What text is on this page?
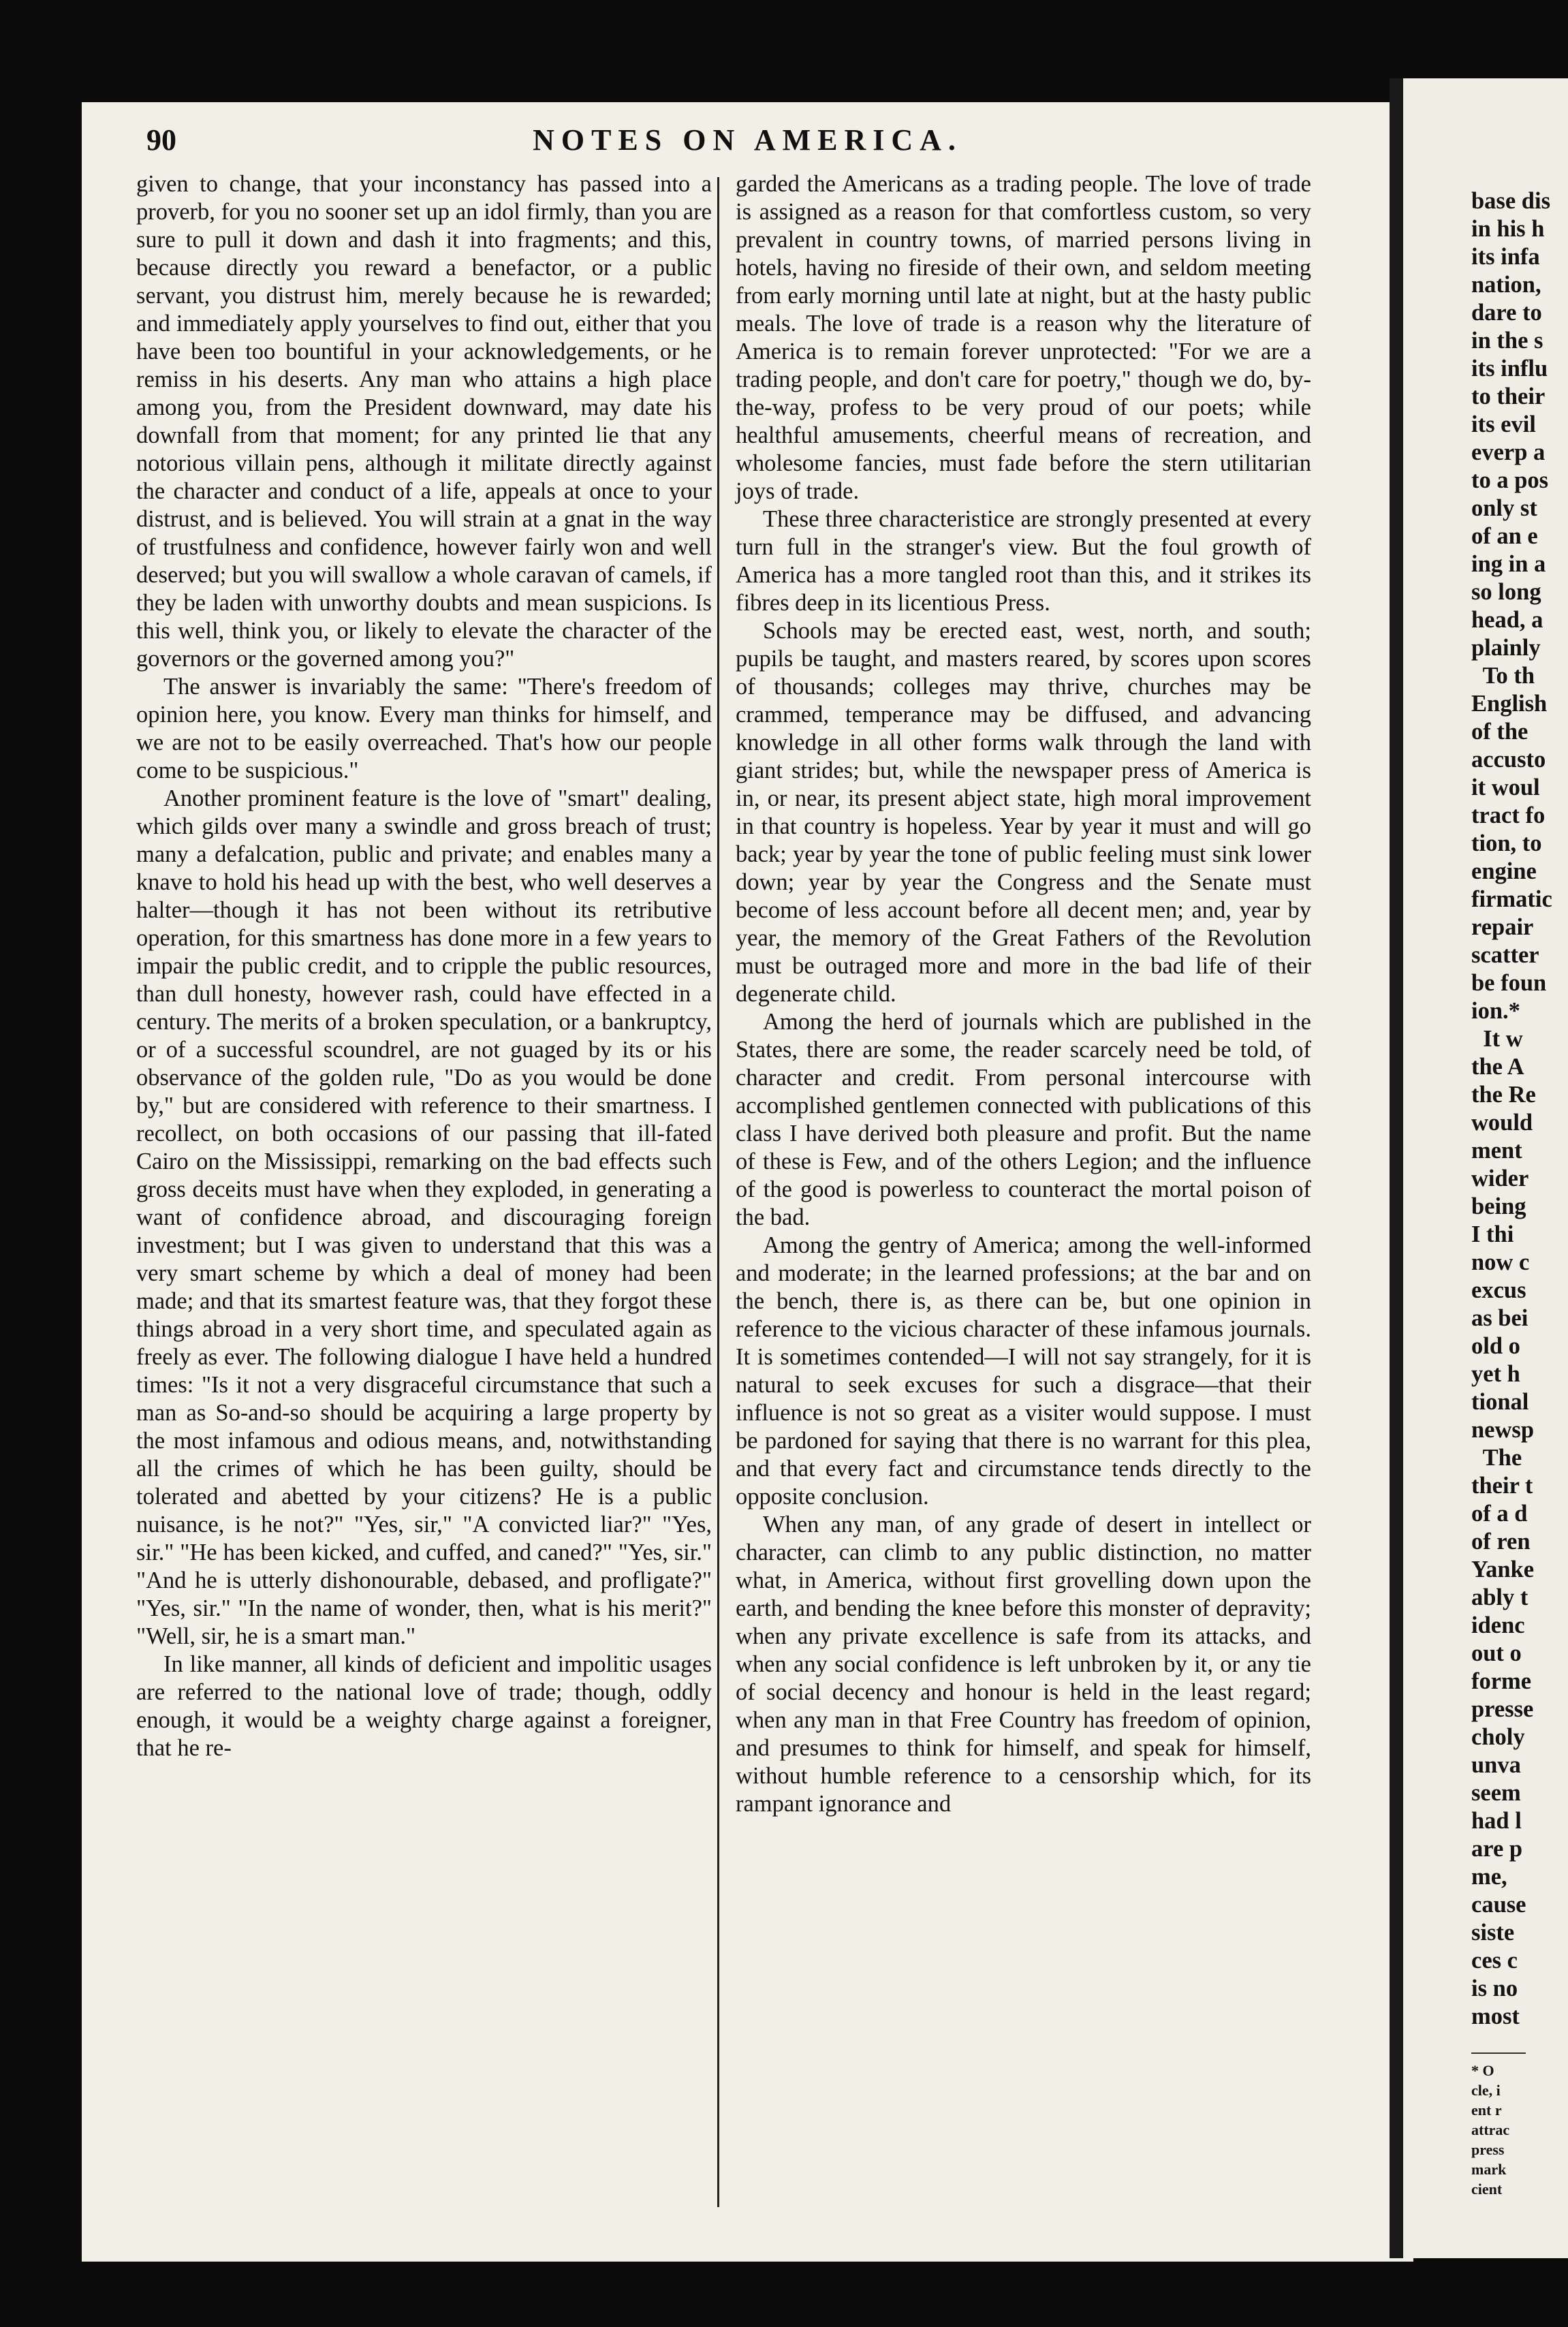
90	NOTES ON AMERICA.

given to change, that your inconstancy has passed into a proverb, for you no sooner set up an idol firmly, than you are sure to pull it down and dash it into fragments; and this, because directly you reward a benefactor, or a public servant, you distrust him, merely because he is rewarded; and immediately apply yourselves to find out, either that you have been too bountiful in your acknowledgements, or he remiss in his deserts. Any man who attains a high place among you, from the President downward, may date his downfall from that moment; for any printed lie that any notorious villain pens, although it militate directly against the character and conduct of a life, appeals at once to your distrust, and is believed. You will strain at a gnat in the way of trustfulness and confidence, however fairly won and well deserved; but you will swallow a whole caravan of camels, if they be laden with unworthy doubts and mean suspicions. Is this well, think you, or likely to elevate the character of the governors or the governed among you?"

The answer is invariably the same: "There's freedom of opinion here, you know. Every man thinks for himself, and we are not to be easily overreached. That's how our people come to be suspicious."

Another prominent feature is the love of "smart" dealing, which gilds over many a swindle and gross breach of trust; many a defalcation, public and private; and enables many a knave to hold his head up with the best, who well deserves a halter—though it has not been without its retributive operation, for this smartness has done more in a few years to impair the public credit, and to cripple the public resources, than dull honesty, however rash, could have effected in a century. The merits of a broken speculation, or a bankruptcy, or of a successful scoundrel, are not guaged by its or his observance of the golden rule, "Do as you would be done by," but are considered with reference to their smartness. I recollect, on both occasions of our passing that ill-fated Cairo on the Mississippi, remarking on the bad effects such gross deceits must have when they exploded, in generating a want of confidence abroad, and discouraging foreign investment; but I was given to understand that this was a very smart scheme by which a deal of money had been made; and that its smartest feature was, that they forgot these things abroad in a very short time, and speculated again as freely as ever. The following dialogue I have held a hundred times: "Is it not a very disgraceful circumstance that such a man as So-and-so should be acquiring a large property by the most infamous and odious means, and, notwithstanding all the crimes of which he has been guilty, should be tolerated and abetted by your citizens? He is a public nuisance, is he not?" "Yes, sir," "A convicted liar?" "Yes, sir." "He has been kicked, and cuffed, and caned?" "Yes, sir." "And he is utterly dishonourable, debased, and profligate?" "Yes, sir." "In the name of wonder, then, what is his merit?" "Well, sir, he is a smart man."

In like manner, all kinds of deficient and impolitic usages are referred to the national love of trade; though, oddly enough, it would be a weighty charge against a foreigner, that he re-

garded the Americans as a trading people. The love of trade is assigned as a reason for that comfortless custom, so very prevalent in country towns, of married persons living in hotels, having no fireside of their own, and seldom meeting from early morning until late at night, but at the hasty public meals. The love of trade is a reason why the literature of America is to remain forever unprotected: "For we are a trading people, and don't care for poetry," though we do, by-the-way, profess to be very proud of our poets; while healthful amusements, cheerful means of recreation, and wholesome fancies, must fade before the stern utilitarian joys of trade.

These three characteristice are strongly presented at every turn full in the stranger's view. But the foul growth of America has a more tangled root than this, and it strikes its fibres deep in its licentious Press.

Schools may be erected east, west, north, and south; pupils be taught, and masters reared, by scores upon scores of thousands; colleges may thrive, churches may be crammed, temperance may be diffused, and advancing knowledge in all other forms walk through the land with giant strides; but, while the newspaper press of America is in, or near, its present abject state, high moral improvement in that country is hopeless. Year by year it must and will go back; year by year the tone of public feeling must sink lower down; year by year the Congress and the Senate must become of less account before all decent men; and, year by year, the memory of the Great Fathers of the Revolution must be outraged more and more in the bad life of their degenerate child.

Among the herd of journals which are published in the States, there are some, the reader scarcely need be told, of character and credit. From personal intercourse with accomplished gentlemen connected with publications of this class I have derived both pleasure and profit. But the name of these is Few, and of the others Legion; and the influence of the good is powerless to counteract the mortal poison of the bad.

Among the gentry of America; among the well-informed and moderate; in the learned professions; at the bar and on the bench, there is, as there can be, but one opinion in reference to the vicious character of these infamous journals. It is sometimes contended—I will not say strangely, for it is natural to seek excuses for such a disgrace—that their influence is not so great as a visiter would suppose. I must be pardoned for saying that there is no warrant for this plea, and that every fact and circumstance tends directly to the opposite conclusion.

When any man, of any grade of desert in intellect or character, can climb to any public distinction, no matter what, in America, without first grovelling down upon the earth, and bending the knee before this monster of depravity; when any private excellence is safe from its attacks, and when any social confidence is left unbroken by it, or any tie of social decency and honour is held in the least regard; when any man in that Free Country has freedom of opinion, and presumes to think for himself, and speak for himself, without humble reference to a censorship which, for its rampant ignorance and

base dis
in his h
its infa
nation,
dare to
in the s
its influ
to their
its evil
everp a
to a pos
only st
of an e
ing in a
so long
head, a
plainly
To th
English
of the
accusto
it woul
tract fo
tion, to
engine
firmatic
repair
scatter
be foun
ion.*
It w
the A
the Re
would
ment
wider
being
I thi
now c
excus
as bei
old o
yet h
tional
newsp
The
their t
of a d
of ren
Yanke
ably t
idenc
out o
forme
presse
choly
unva
seem
had l
are p
me,
cause
siste
ces c
is no
most
* O
cle, i
ent r
attrac
press
mark
cient
